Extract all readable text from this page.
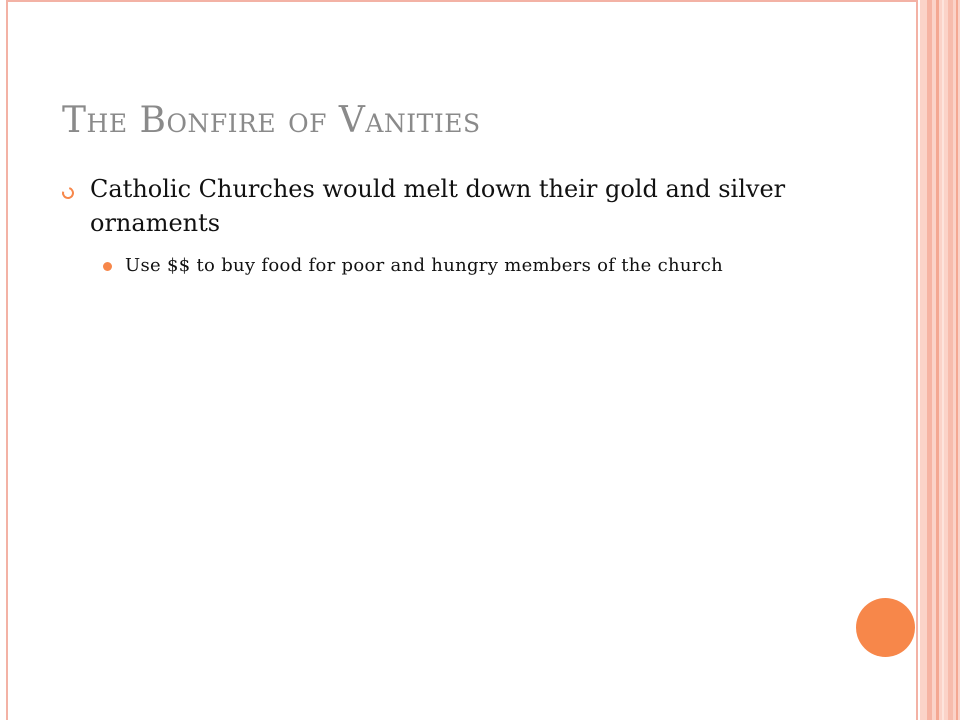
The Bonfire of Vanities
Catholic Churches would melt down their gold and silver ornaments
Use $$ to buy food for poor and hungry members of the church
